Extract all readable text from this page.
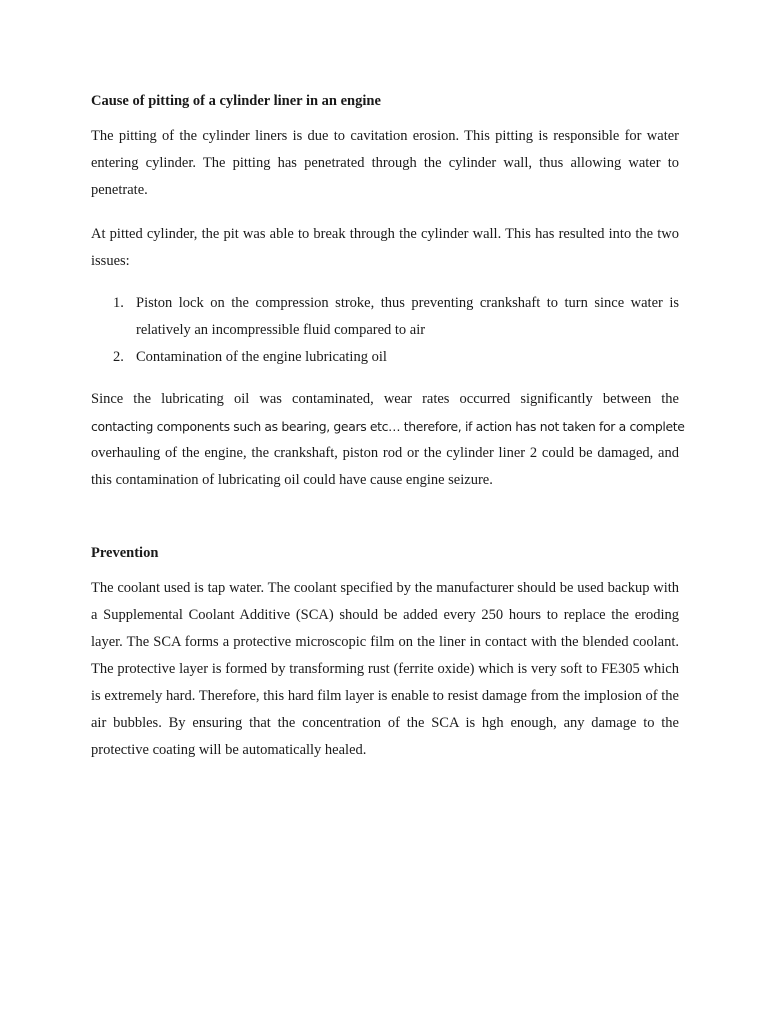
Cause of pitting of a cylinder liner in an engine

The pitting of the cylinder liners is due to cavitation erosion. This pitting is responsible for water entering cylinder. The pitting has penetrated through the cylinder wall, thus allowing water to penetrate.

At pitted cylinder, the pit was able to break through the cylinder wall. This has resulted into the two issues:

1. Piston lock on the compression stroke, thus preventing crankshaft to turn since water is relatively an incompressible fluid compared to air
2. Contamination of the engine lubricating oil

Since the lubricating oil was contaminated, wear rates occurred significantly between the

contacting components such as bearing, gears etc… therefore, if action has not taken for a complete

overhauling of the engine, the crankshaft, piston rod or the cylinder liner 2 could be damaged, and this contamination of lubricating oil could have cause engine seizure.

Prevention

The coolant used is tap water. The coolant specified by the manufacturer should be used backup with a Supplemental Coolant Additive (SCA) should be added every 250 hours to replace the eroding layer. The SCA forms a protective microscopic film on the liner in contact with the blended coolant. The protective layer is formed by transforming rust (ferrite oxide) which is very soft to FE305 which is extremely hard. Therefore, this hard film layer is enable to resist damage from the implosion of the air bubbles. By ensuring that the concentration of the SCA is hgh enough, any damage to the protective coating will be automatically healed.
